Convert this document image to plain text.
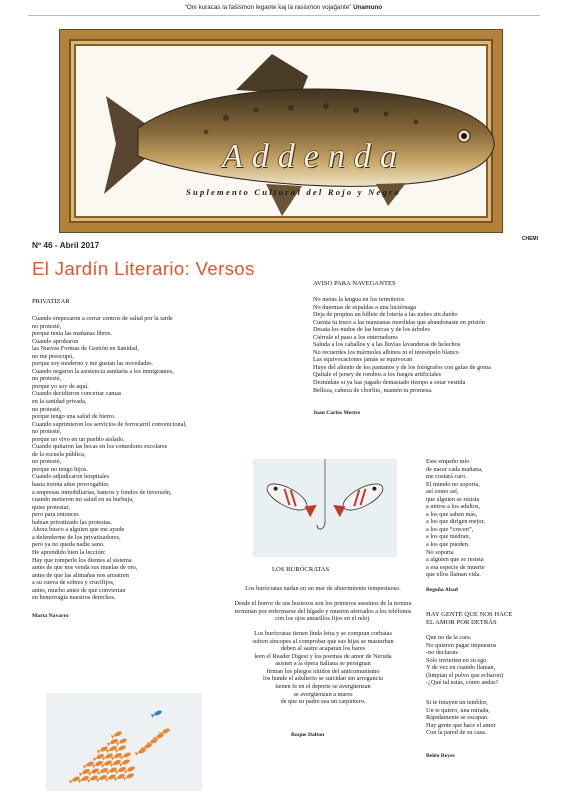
“Oni kuracas la faŝismon legante kaj la rasismon vojaĝante” Unamuno
Addenda
Suplemento Cultural del Rojo y Negro
CHEMI
Nº 46 - Abril 2017
El Jardín Literario: Versos
PRIVATIZAR
Cuando empezaron a cerrar centros de salud por la tarde
no protesté,
porque tenía las mañanas libres.
Cuando aprobaron
las Nuevas Formas de Gestión en Sanidad,
no me preocupó,
porque soy moderno y me gustan las novedades.
Cuando negaron la asistencia sanitaria a los inmigrantes,
no protesté,
porque yo soy de aquí.
Cuando decidieron concertar camas
en la sanidad privada,
no protesté,
porque tengo una salud de hierro.
Cuando suprimieron los servicios de ferrocarril convencional,
no protesté,
porque no vivo en un pueblo aislado.
Cuando quitaron las becas en los comedores escolares
de la escuela pública,
no protesté,
porque no tengo hijos.
Cuando adjudicaron hospitales
hasta treinta años prorrogables
a empresas inmobiliarias, bancos y fondos de inversión,
cuando metieron mi salud en su burbuja,
quise protestar,
pero para entonces
habían privatizado las protestas.
Ahora busco a alguien que me ayude
a defenderme de los privatizadores,
pero ya no queda nadie sano.
He aprendido bien la lección:
Hay que romperle los dientes al sistema
antes de que nos venda sus muelas de oro,
antes de que las alimañas nos arrastren
a su cueva de sobres y crucifijos,
antes, mucho antes de que conviertan
en hemorragia nuestros derechos.
Marta Navarro
AVISO PARA NAVEGANTES
No metas la lengua en los termiteros
No duermas de espaldas a una luciérnaga
Deja de propina un billete de lotería a las nubes sin dueño
Cuenta tu truco a las manzanas mordidas que abandonaste en prisión
Desata los nudos de las horcas y de los árboles
Ciérrale el paso a los enterradores
Saluda a los caballos y a las lluvias lavanderas de helechos
No recuerdes los mármoles albinos ni el teresópelo blanco
Las equivocaciones jamás se equivocan
Huye del aliento de los pantanos y de los fotógrafos con gafas de goma
Quítale el jersey de rombos a los fuegos artificiales
Desnúdate si ya has jugado demasiado tiempo a estar vestida
Belleza, cabeza de chorlito, mantén tu promesa.
Juan Carlos Mestre
Este empeño mío
de nacer cada mañana,
me costará caro.
El mundo no soporta,
así como así,
que alguien se resista
a unirse a los adultos,
a los que saben más,
a los que dirigen mejor,
a los que “crecen”,
a los que medran,
a los que pueden.
No soporta
a alguien que se resista
a esa especie de muerte
que ellos llaman vida.
Begoña Abad
LOS BURÓCRATAS
Los burócratas nadan en un mar de aburrimiento tempestuoso.
Desde el horror de sus bostezos son los primeros asesinos de la ternura
terminan por enfermarse del hígado y mueren aferrados a los teléfonos
con los ojos amarillos fijos en el reloj.
Los burócratas tienen linda letra y se compran corbatas
sufren síncopes al comprobar que sus hijas se masturban
deben al sastre acaparan los bares
leen el Reader Digest y los poemas de amor de Neruda
asisten a la ópera italiana se persignan
firman los pliegos nítidos del anticomunismo
los hunde el adulterio se suicidan sin arrogancia
tienen fe en el deporte se avergüenzan
se avergüenzan a mares
de que su padre sea un carpintero.
Roque Dalton
HAY GENTE QUE NOS HACE
EL AMOR POR DETRÁS
Que no da la cara.
No quieren pagar impuestos
-no declaran-
Sólo invierten en su ego.
Y de vez en cuando llaman,
(limpian el polvo que echaron)
-¿Qué tal estás, cómo andas?
Si te intuyen un temblor,
Un te quiero, una mirada,
Rápidamente se escapan.
Hay gente que hace el amor
Con la pared de su casa.
Belén Reyes
